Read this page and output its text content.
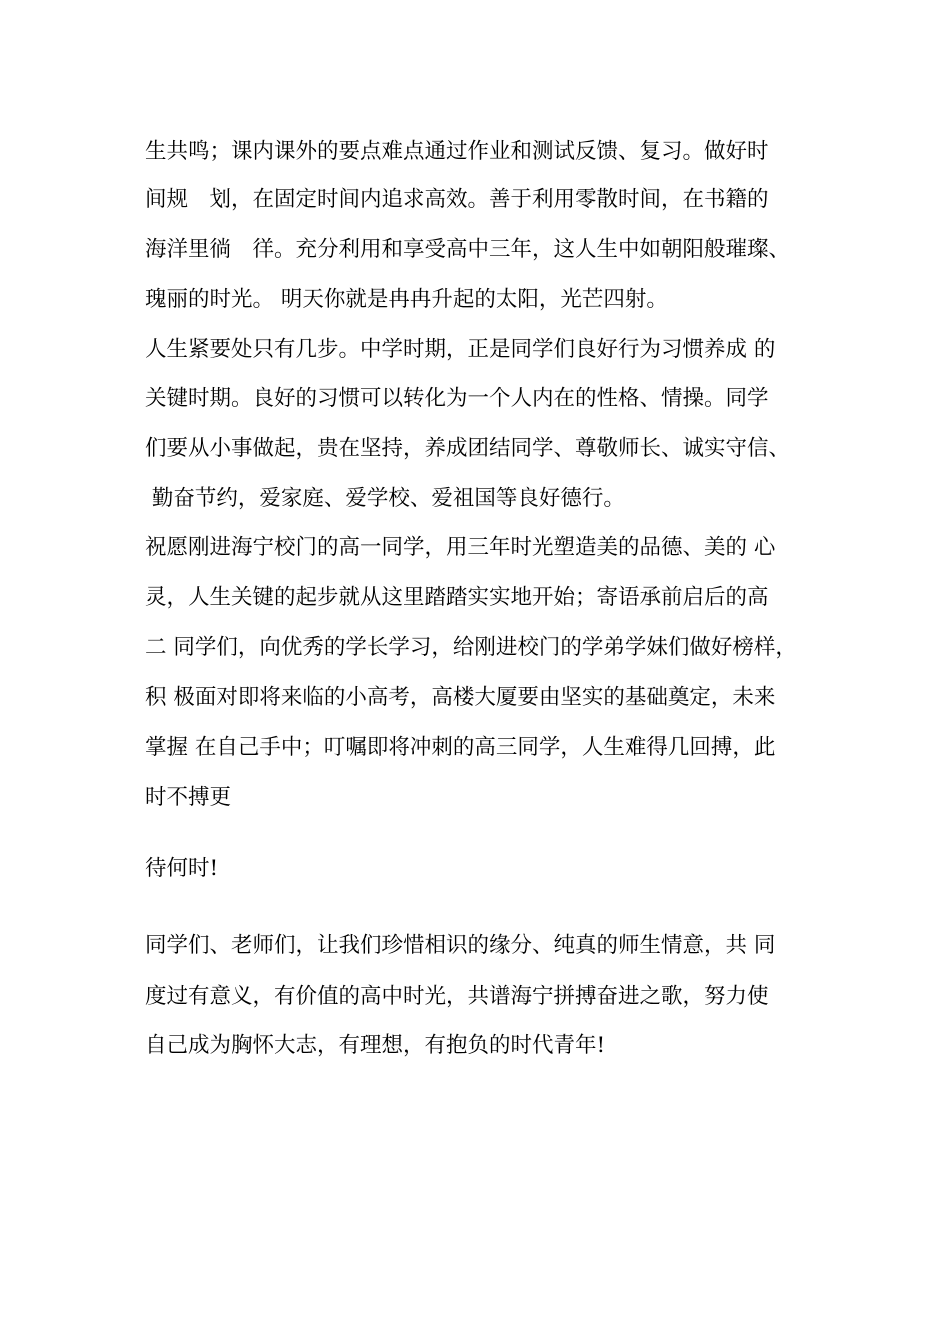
生共鸣；课内课外的要点难点通过作业和测试反馈、复习。做好时
间规　划，在固定时间内追求高效。善于利用零散时间，在书籍的
海洋里徜　徉。充分利用和享受高中三年，这人生中如朝阳般璀璨、
瑰丽的时光。 明天你就是冉冉升起的太阳，光芒四射。
人生紧要处只有几步。中学时期，正是同学们良好行为习惯养成 的
关键时期。良好的习惯可以转化为一个人内在的性格、情操。同学
们要从小事做起，贵在坚持，养成团结同学、尊敬师长、诚实守信、
勤奋节约，爱家庭、爱学校、爱祖国等良好德行。
祝愿刚进海宁校门的高一同学，用三年时光塑造美的品德、美的 心
灵，人生关键的起步就从这里踏踏实实地开始；寄语承前启后的高
二 同学们，向优秀的学长学习，给刚进校门的学弟学妹们做好榜样，
积 极面对即将来临的小高考，高楼大厦要由坚实的基础奠定，未来
掌握 在自己手中；叮嘱即将冲刺的高三同学，人生难得几回搏，此
时不搏更
待何时!
同学们、老师们，让我们珍惜相识的缘分、纯真的师生情意，共 同
度过有意义，有价值的高中时光，共谱海宁拼搏奋进之歌，努力使
自己成为胸怀大志，有理想，有抱负的时代青年!
